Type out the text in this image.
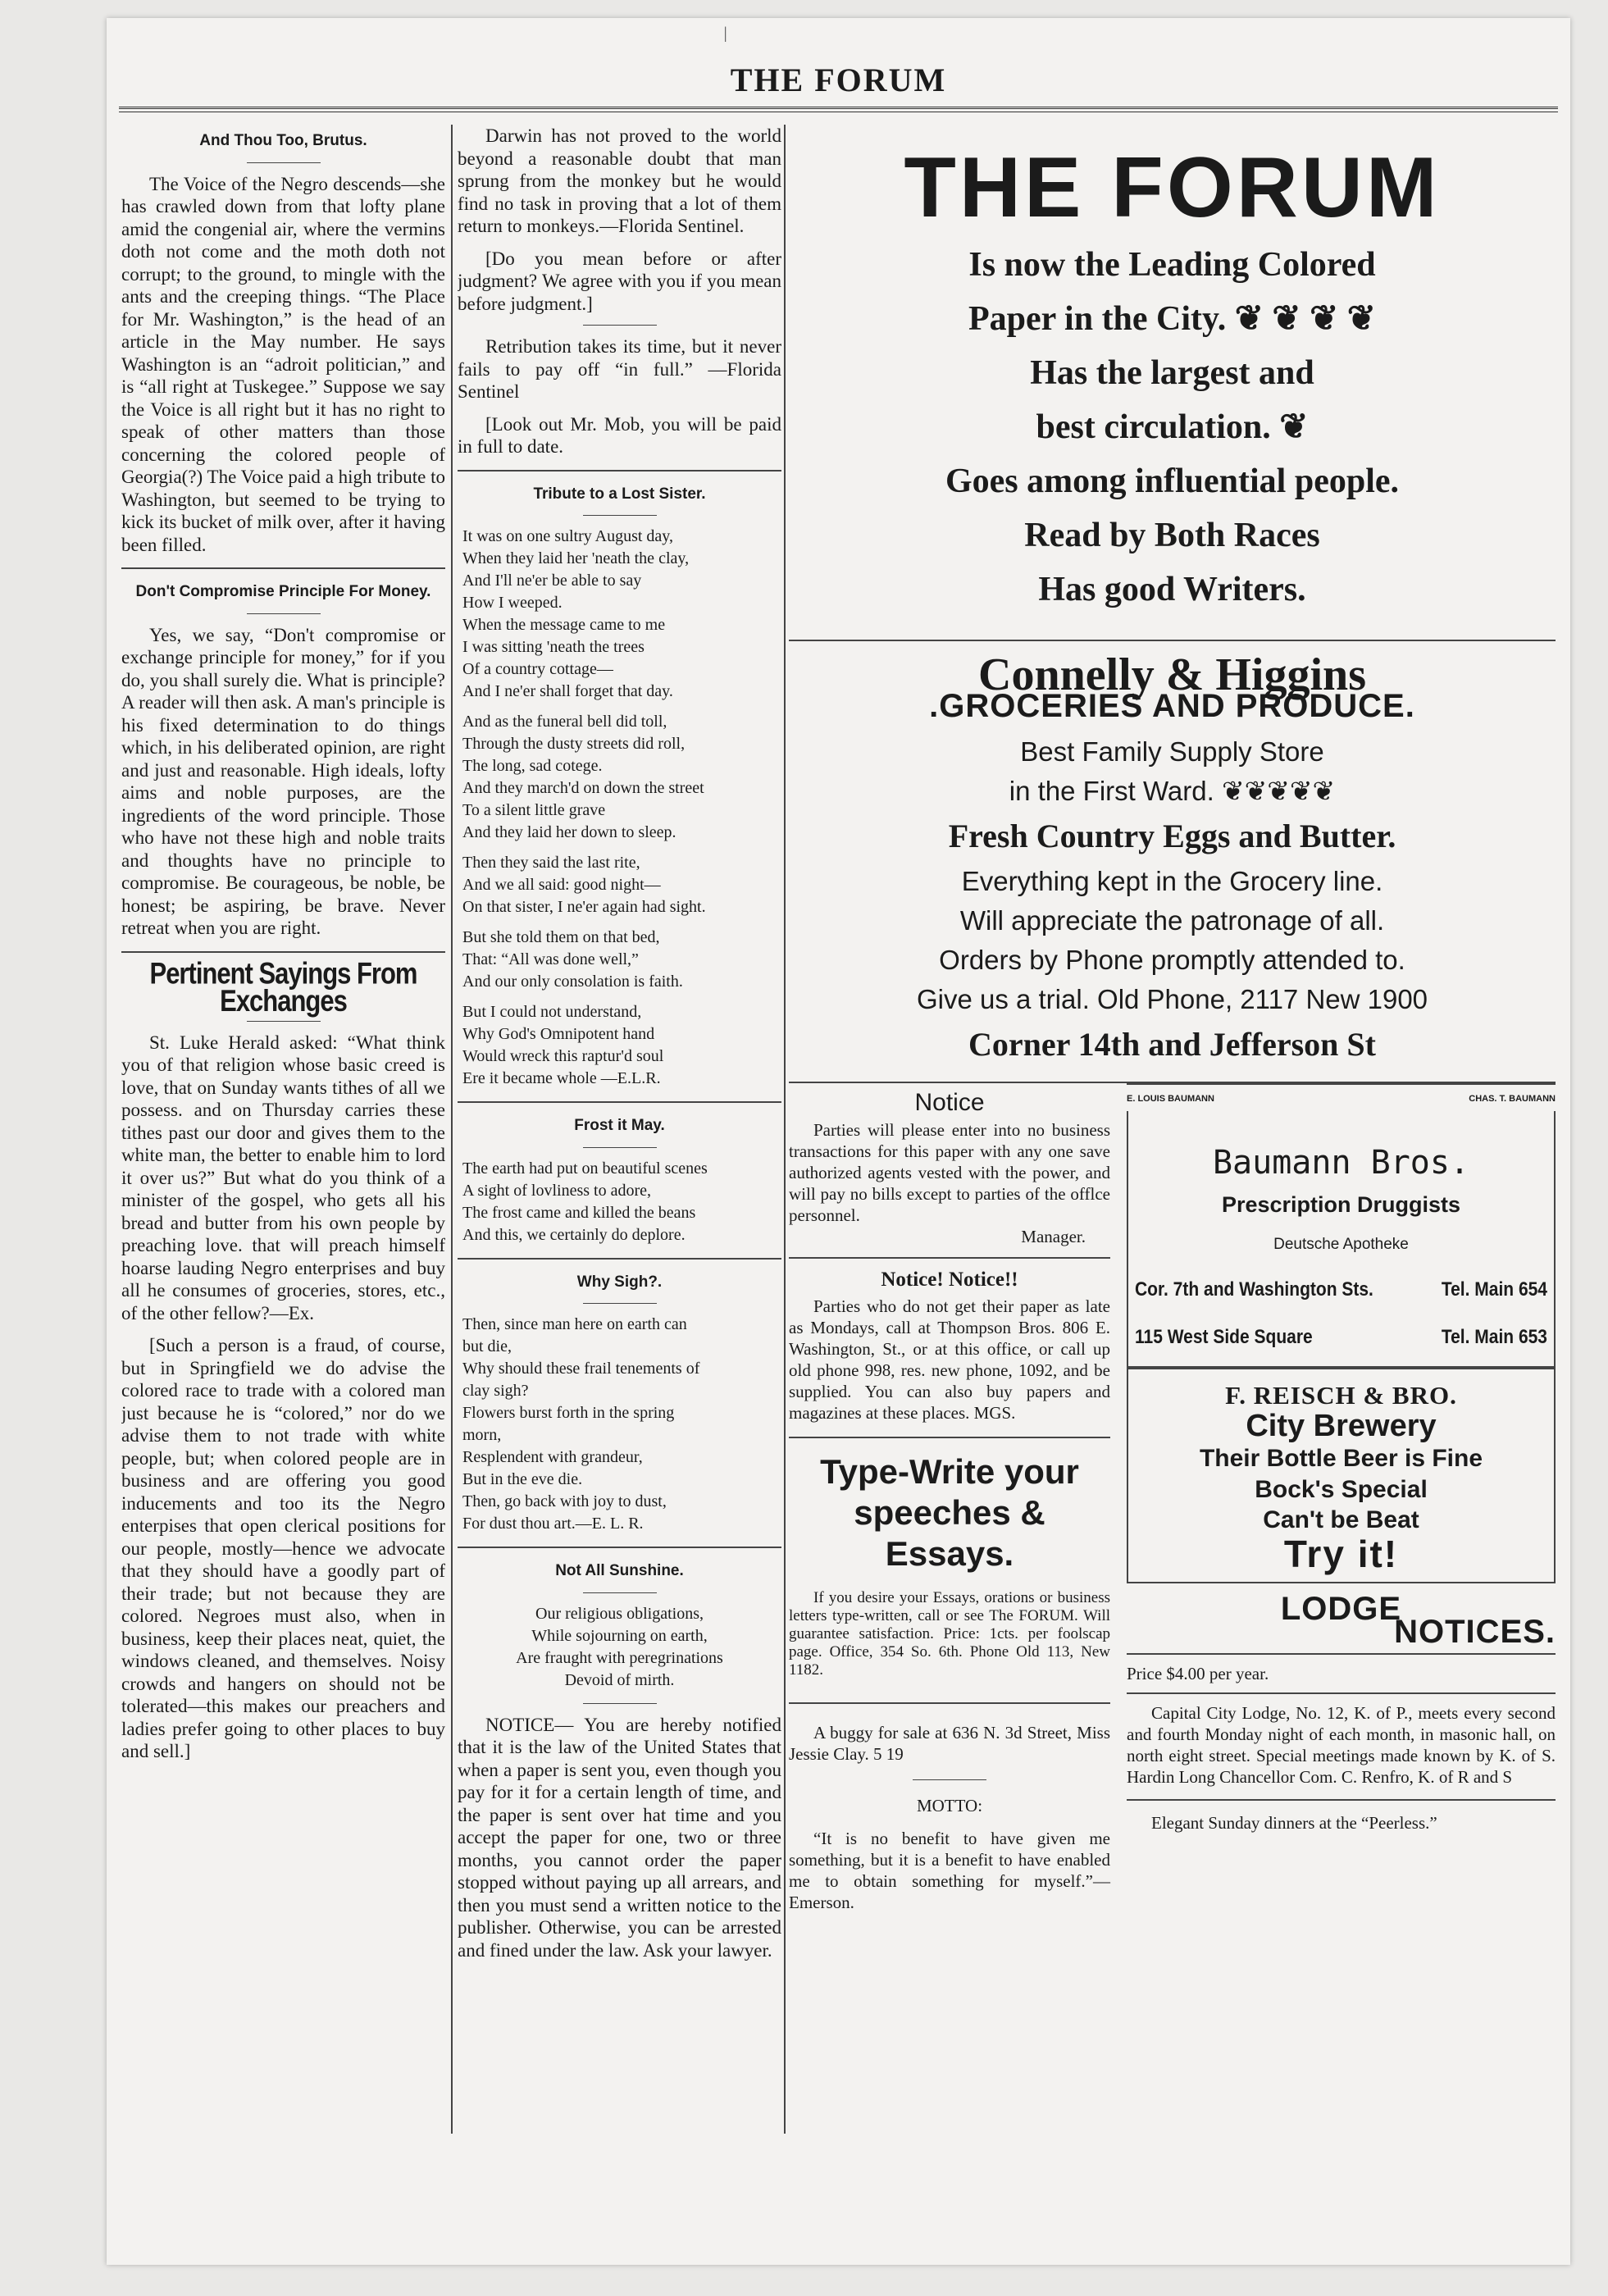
ǀ
THE FORUM
And Thou Too, Brutus.

The Voice of the Negro descends—she has crawled down from that lofty plane amid the congenial air, where the vermins doth not come and the moth doth not corrupt; to the ground, to mingle with the ants and the creeping things. “The Place for Mr. Washington,” is the head of an article in the May number. He says Washington is an “adroit politician,” and is “all right at Tuskegee.” Suppose we say the Voice is all right but it has no right to speak of other matters than those concerning the colored people of Georgia(?) The Voice paid a high tribute to Washington, but seemed to be trying to kick its bucket of milk over, after it having been filled.

Don't Compromise Principle For Money.

Yes, we say, “Don't compromise or exchange principle for money,” for if you do, you shall surely die. What is principle? A reader will then ask. A man's principle is his fixed determination to do things which, in his deliberated opinion, are right and just and reasonable. High ideals, lofty aims and noble purposes, are the ingredients of the word principle. Those who have not these high and noble traits and thoughts have no principle to compromise. Be courageous, be noble, be honest; be aspiring, be brave. Never retreat when you are right.

Pertinent Sayings From Exchanges

St. Luke Herald asked: “What think you of that religion whose basic creed is love, that on Sunday wants tithes of all we possess. and on Thursday carries these tithes past our door and gives them to the white man, the better to enable him to lord it over us?” But what do you think of a minister of the gospel, who gets all his bread and butter from his own people by preaching love. that will preach himself hoarse lauding Negro enterprises and buy all he consumes of groceries, stores, etc., of the other fellow?—Ex.

[Such a person is a fraud, of course, but in Springfield we do advise the colored race to trade with a colored man just because he is “colored,” nor do we advise them to not trade with white people, but; when colored people are in business and are offering you good inducements and too its the Negro enterpises that open clerical positions for our people, mostly—hence we advocate that they should have a goodly part of their trade; but not because they are colored. Negroes must also, when in business, keep their places neat, quiet, the windows cleaned, and themselves. Noisy crowds and hangers on should not be tolerated—this makes our preachers and ladies prefer going to other places to buy and sell.]

Darwin has not proved to the world beyond a reasonable doubt that man sprung from the monkey but he would find no task in proving that a lot of them return to monkeys.—Florida Sentinel.

[Do you mean before or after judgment? We agree with you if you mean before judgment.]

Retribution takes its time, but it never fails to pay off “in full.” —Florida Sentinel

[Look out Mr. Mob, you will be paid in full to date.

Tribute to a Lost Sister.
It was on one sultry August day,
When they laid her 'neath the clay,
And I'll ne'er be able to say
How I weeped.
When the message came to me
I was sitting 'neath the trees
Of a country cottage—
And I ne'er shall forget that day.
And as the funeral bell did toll,
Through the dusty streets did roll,
The long, sad cotege.
And they march'd on down the street
To a silent little grave
And they laid her down to sleep.
Then they said the last rite,
And we all said: good night—
On that sister, I ne'er again had sight.
But she told them on that bed,
That: “All was done well,”
And our only consolation is faith.
But I could not understand,
Why God's Omnipotent hand
Would wreck this raptur'd soul
Ere it became whole —E.L.R.
Frost it May.
The earth had put on beautiful scenes
A sight of lovliness to adore,
The frost came and killed the beans
And this, we certainly do deplore.
Why Sigh?.
Then, since man here on earth can
but die,
Why should these frail tenements of
clay sigh?
Flowers burst forth in the spring
morn,
Resplendent with grandeur,
But in the eve die.
Then, go back with joy to dust,
For dust thou art.—E. L. R.
Not All Sunshine.
Our religious obligations,
While sojourning on earth,
Are fraught with peregrinations
Devoid of mirth.

NOTICE— You are hereby notified that it is the law of the United States that when a paper is sent you, even though you pay for it for a certain length of time, and the paper is sent over hat time and you accept the paper for one, two or three months, you cannot order the paper stopped without paying up all arrears, and then you must send a written notice to the publisher. Otherwise, you can be arrested and fined under the law. Ask your lawyer.

THE FORUM
Is now the Leading Colored
Paper in the City. ❦ ❦ ❦ ❦
Has the largest and
best circulation. ❦
Goes among influential people.
Read by Both Races
Has good Writers.
Connelly & Higgins
.GROCERIES AND PRODUCE.
Best Family Supply Store
in the First Ward. ❦❦❦❦❦
Fresh Country Eggs and Butter.
Everything kept in the Grocery line.
Will appreciate the patronage of all.
Orders by Phone promptly attended to.
Give us a trial. Old Phone, 2117 New 1900
Corner 14th and Jefferson St
Notice
Parties will please enter into no business transactions for this paper with any one save authorized agents vested with the power, and will pay no bills except to parties of the offlce personnel.
Manager.
Notice! Notice!!
Parties who do not get their paper as late as Mondays, call at Thompson Bros. 806 E. Washington, St., or at this office, or call up old phone 998, res. new phone, 1092, and be supplied. You can also buy papers and magazines at these places. MGS.
Type-Write your speeches & Essays.
If you desire your Essays, orations or business letters type-written, call or see The FORUM. Will guarantee satisfaction. Price: 1cts. per foolscap page. Office, 354 So. 6th. Phone Old 113, New 1182.
A buggy for sale at 636 N. 3d Street, Miss Jessie Clay. 5 19
MOTTO:
“It is no benefit to have given me something, but it is a benefit to have enabled me to obtain something for myself.”—Emerson.
E. LOUIS BAUMANN	CHAS. T. BAUMANN
Baumann Bros.
Prescription Druggists
Deutsche Apotheke
Cor. 7th and Washington Sts.	Tel. Main 654
115 West Side Square	Tel. Main 653
F. REISCH & BRO.
City Brewery
Their Bottle Beer is Fine
Bock's Special
Can't be Beat
Try it!
LODGE
NOTICES.
Price $4.00 per year.
Capital City Lodge, No. 12, K. of P., meets every second and fourth Monday night of each month, in masonic hall, on north eight street. Special meetings made known by K. of S. Hardin Long Chancellor Com. C. Renfro, K. of R and S
Elegant Sunday dinners at the “Peerless.”
